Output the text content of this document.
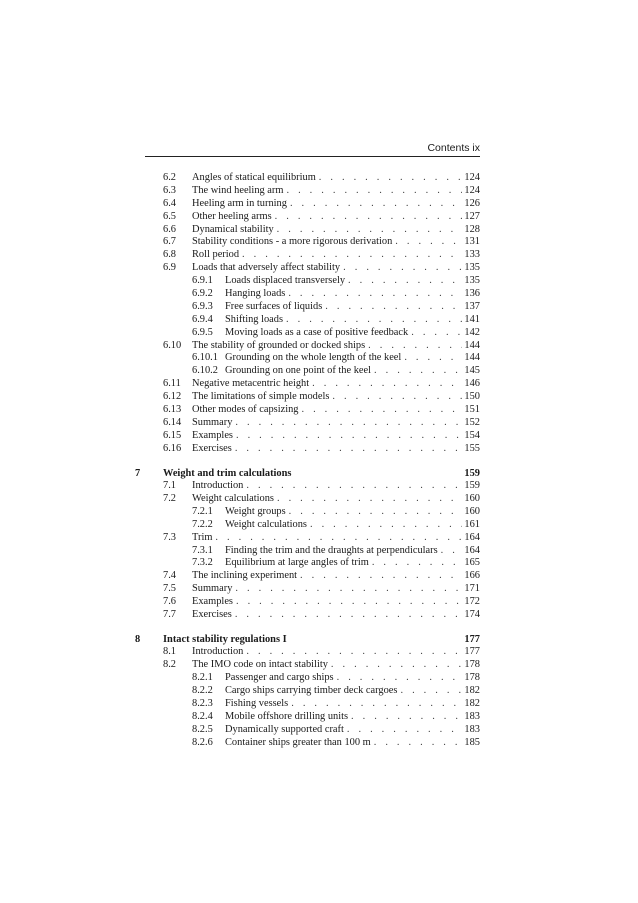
Contents ix
6.2 Angles of statical equilibrium . . .	124
6.3 The wind heeling arm . . .	124
6.4 Heeling arm in turning . . .	126
6.5 Other heeling arms . . .	127
6.6 Dynamical stability . . .	128
6.7 Stability conditions - a more rigorous derivation . . .	131
6.8 Roll period . . .	133
6.9 Loads that adversely affect stability . . .	135
6.9.1 Loads displaced transversely . . .	135
6.9.2 Hanging loads . . .	136
6.9.3 Free surfaces of liquids . . .	137
6.9.4 Shifting loads . . .	141
6.9.5 Moving loads as a case of positive feedback . . .	142
6.10 The stability of grounded or docked ships . . .	144
6.10.1 Grounding on the whole length of the keel . . .	144
6.10.2 Grounding on one point of the keel . . .	145
6.11 Negative metacentric height . . .	146
6.12 The limitations of simple models . . .	150
6.13 Other modes of capsizing . . .	151
6.14 Summary . . .	152
6.15 Examples . . .	154
6.16 Exercises . . .	155
7 Weight and trim calculations	159
7.1 Introduction . . .	159
7.2 Weight calculations . . .	160
7.2.1 Weight groups . . .	160
7.2.2 Weight calculations . . .	161
7.3 Trim . . .	164
7.3.1 Finding the trim and the draughts at perpendiculars . . .	164
7.3.2 Equilibrium at large angles of trim . . .	165
7.4 The inclining experiment . . .	166
7.5 Summary . . .	171
7.6 Examples . . .	172
7.7 Exercises . . .	174
8 Intact stability regulations I	177
8.1 Introduction . . .	177
8.2 The IMO code on intact stability . . .	178
8.2.1 Passenger and cargo ships . . .	178
8.2.2 Cargo ships carrying timber deck cargoes . . .	182
8.2.3 Fishing vessels . . .	182
8.2.4 Mobile offshore drilling units . . .	183
8.2.5 Dynamically supported craft . . .	183
8.2.6 Container ships greater than 100 m . . .	185
